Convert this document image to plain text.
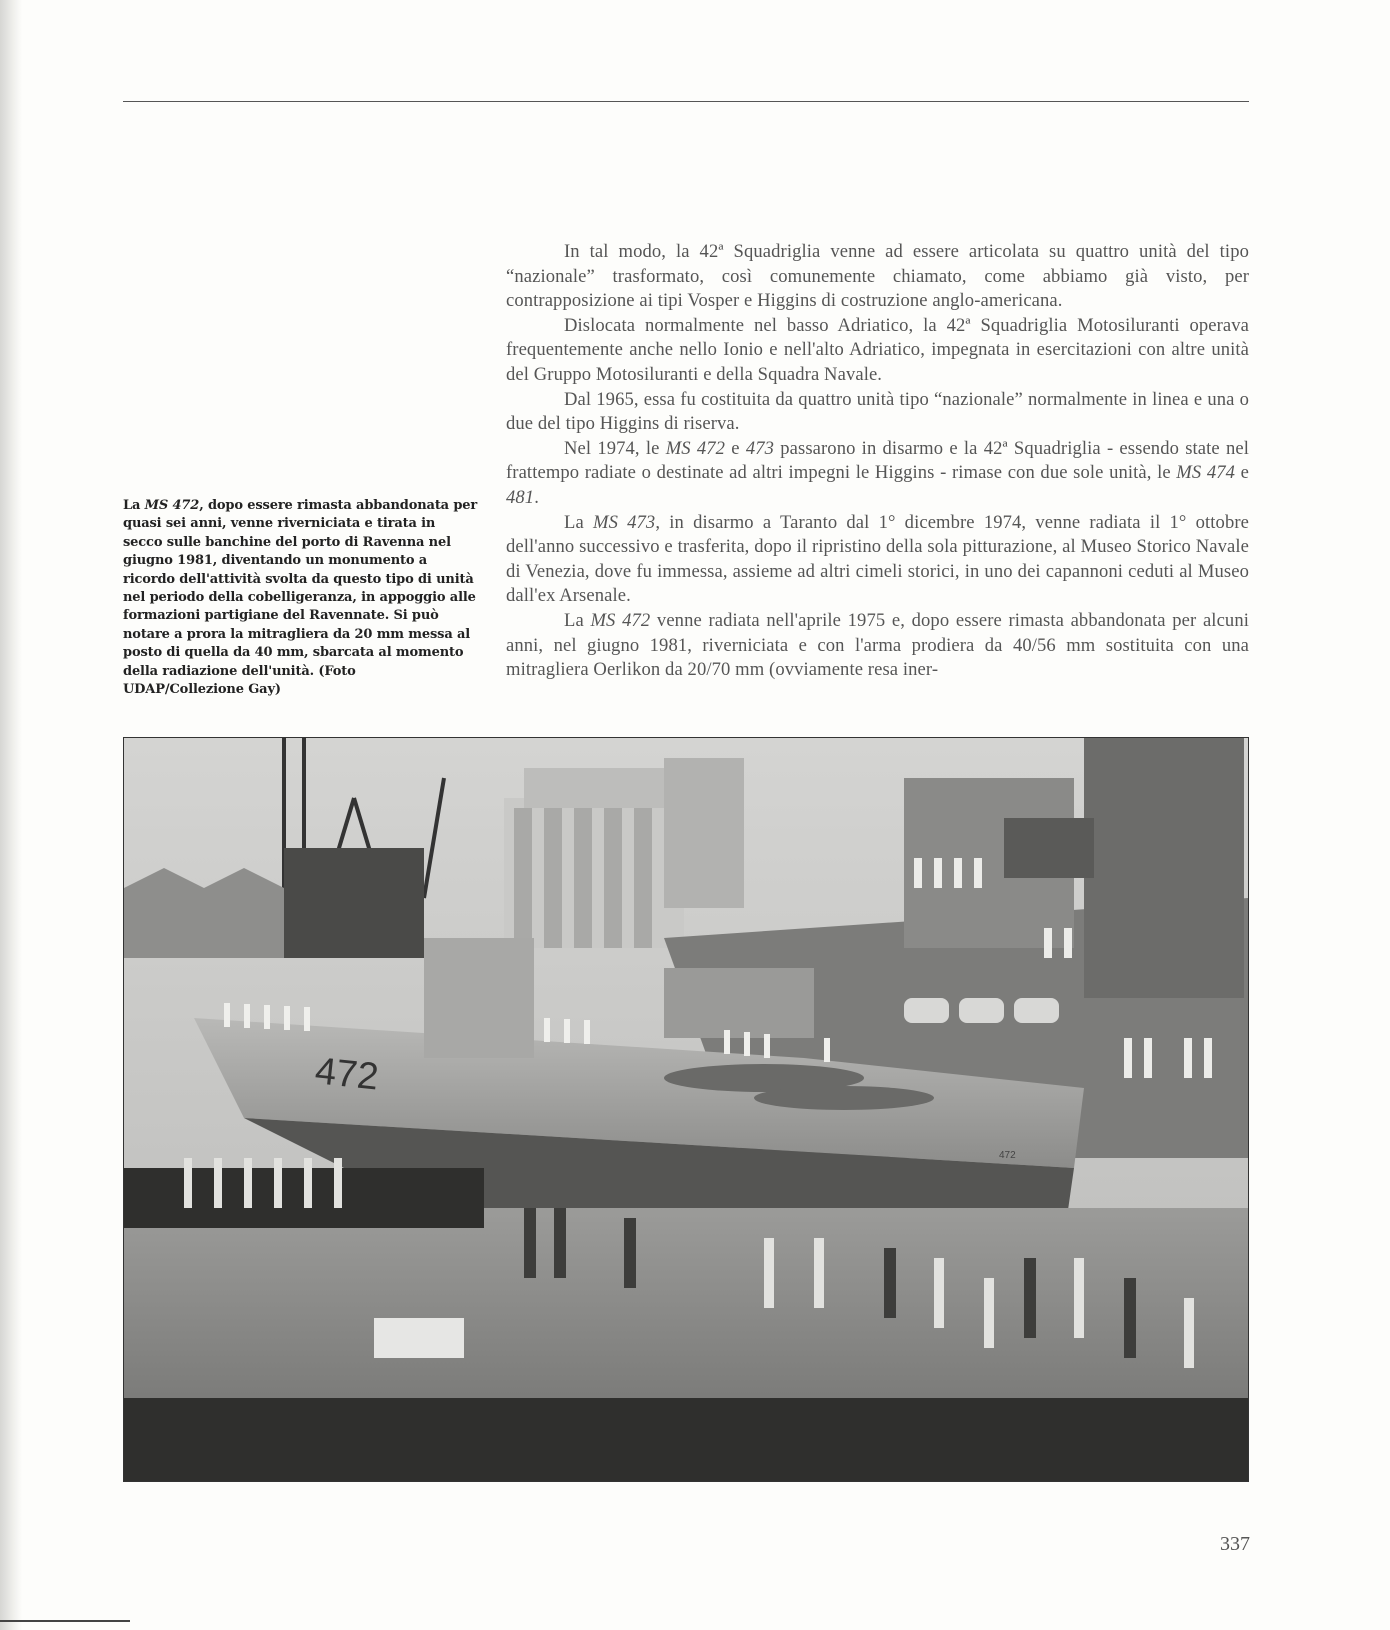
La MS 472, dopo essere rimasta abbandonata per quasi sei anni, venne riverniciata e tirata in secco sulle banchine del porto di Ravenna nel giugno 1981, diventando un monumento a ricordo dell'attività svolta da questo tipo di unità nel periodo della cobelligeranza, in appoggio alle formazioni partigiane del Ravennate. Si può notare a prora la mitragliera da 20 mm messa al posto di quella da 40 mm, sbarcata al momento della radiazione dell'unità. (Foto UDAP/Collezione Gay)

In tal modo, la 42ª Squadriglia venne ad essere articolata su quattro unità del tipo “nazionale” trasformato, così comunemente chiamato, come abbiamo già visto, per contrapposizione ai tipi Vosper e Higgins di costruzione anglo-americana.

Dislocata normalmente nel basso Adriatico, la 42ª Squadriglia Motosiluranti operava frequentemente anche nello Ionio e nell'alto Adriatico, impegnata in esercitazioni con altre unità del Gruppo Motosiluranti e della Squadra Navale.

Dal 1965, essa fu costituita da quattro unità tipo “nazionale” normalmente in linea e una o due del tipo Higgins di riserva.

Nel 1974, le MS 472 e 473 passarono in disarmo e la 42ª Squadriglia - essendo state nel frattempo radiate o destinate ad altri impegni le Higgins - rimase con due sole unità, le MS 474 e 481.

La MS 473, in disarmo a Taranto dal 1° dicembre 1974, venne radiata il 1° ottobre dell'anno successivo e trasferita, dopo il ripristino della sola pitturazione, al Museo Storico Navale di Venezia, dove fu immessa, assieme ad altri cimeli storici, in uno dei capannoni ceduti al Museo dall'ex Arsenale.

La MS 472 venne radiata nell'aprile 1975 e, dopo essere rimasta abbandonata per alcuni anni, nel giugno 1981, riverniciata e con l'arma prodiera da 40/56 mm sostituita con una mitragliera Oerlikon da 20/70 mm (ovviamente resa iner-

472
472
337
